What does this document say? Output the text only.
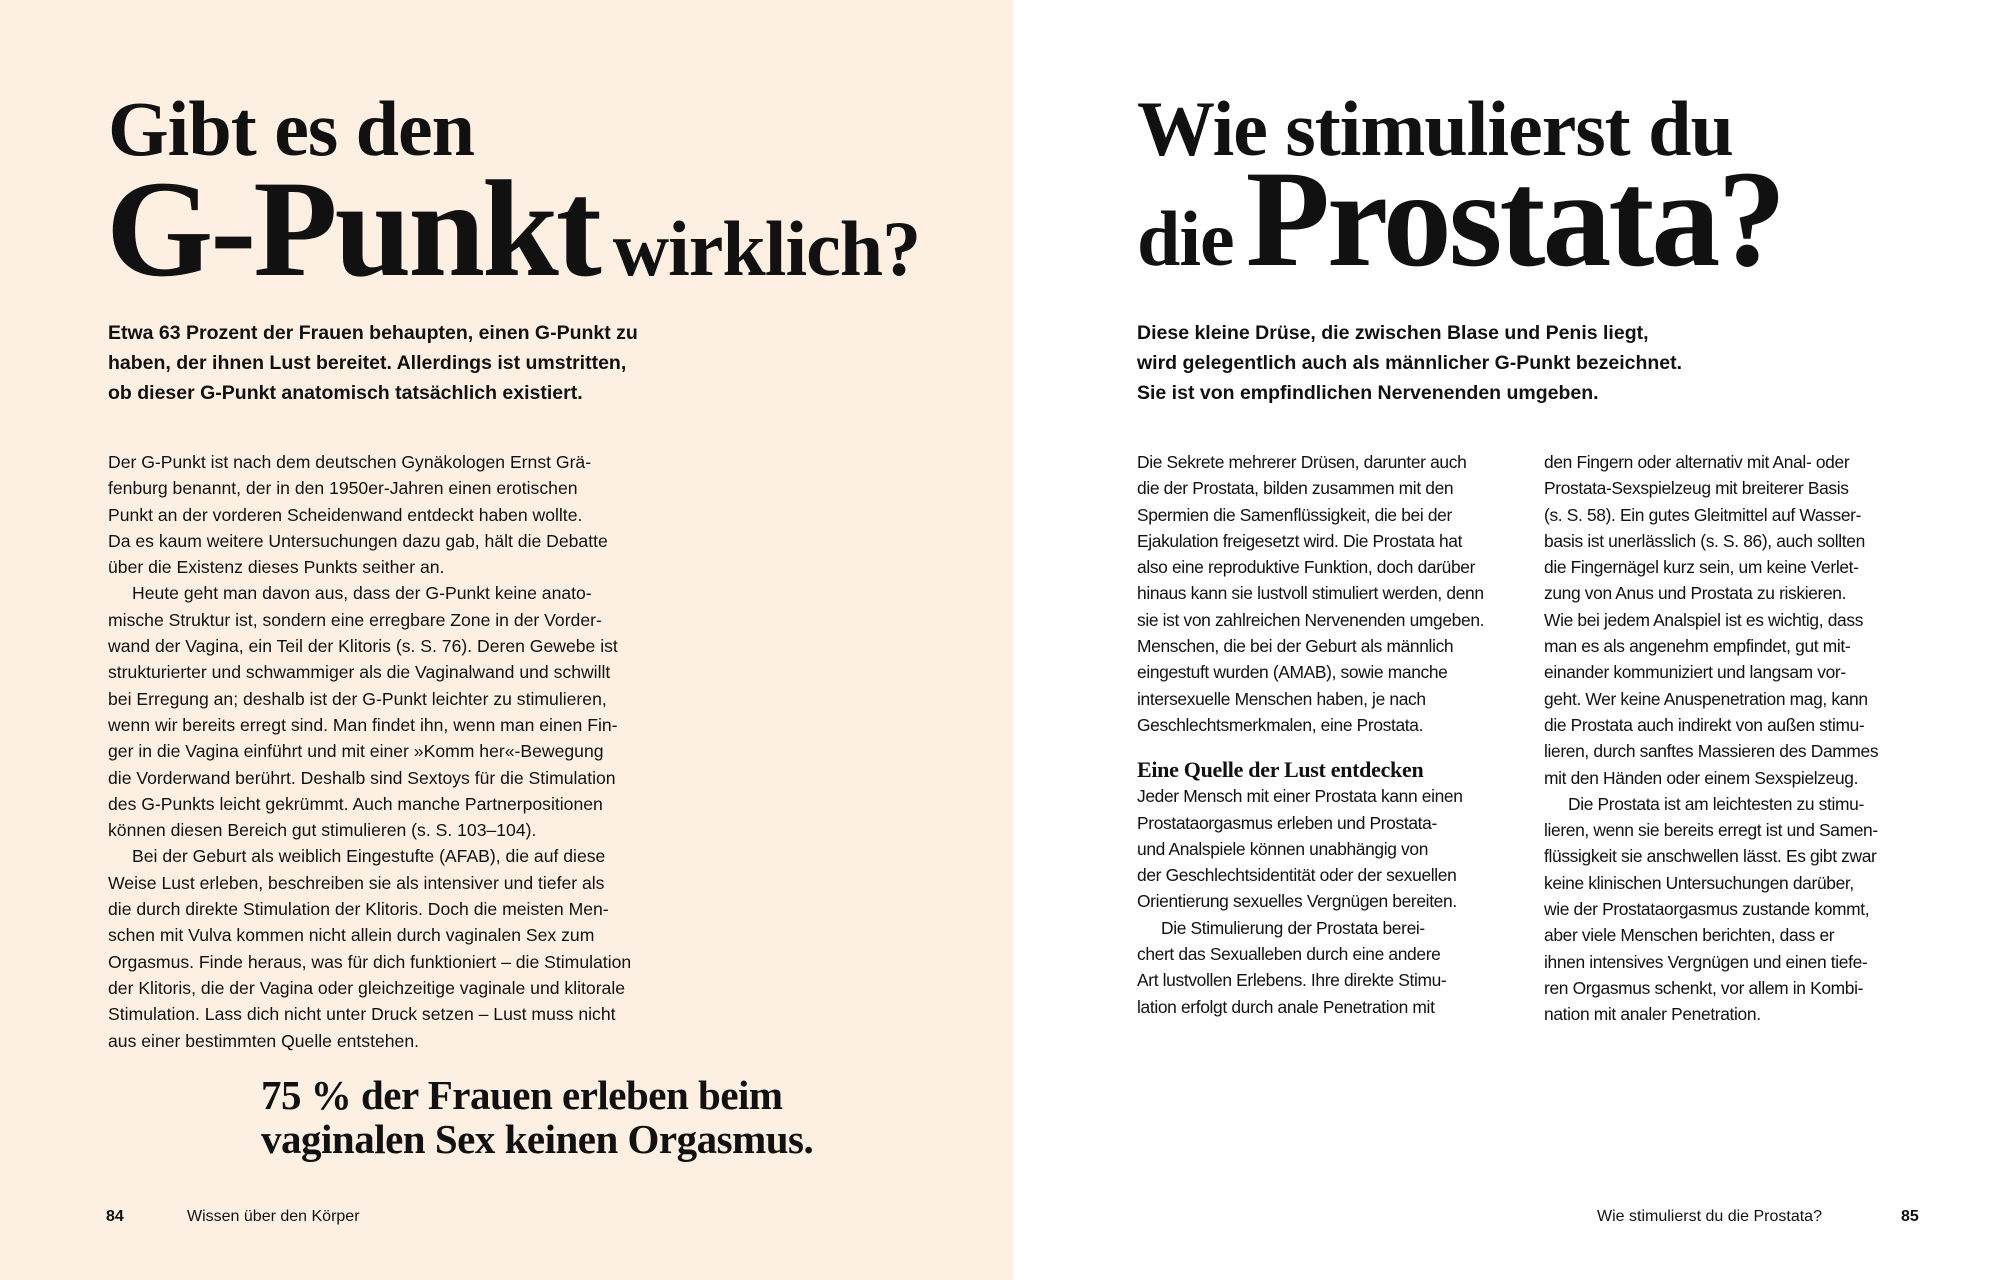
Gibt es den
G-Punkt wirklich?
Etwa 63 Prozent der Frauen behaupten, einen G-Punkt zu
haben, der ihnen Lust bereitet. Allerdings ist umstritten,
ob dieser G-Punkt anatomisch tatsächlich existiert.
Der G-Punkt ist nach dem deutschen Gynäkologen Ernst Grä-
fenburg benannt, der in den 1950er-Jahren einen erotischen
Punkt an der vorderen Scheidenwand entdeckt haben wollte.
Da es kaum weitere Untersuchungen dazu gab, hält die Debatte
über die Existenz dieses Punkts seither an.
Heute geht man davon aus, dass der G-Punkt keine anato-
mische Struktur ist, sondern eine erregbare Zone in der Vorder-
wand der Vagina, ein Teil der Klitoris (s. S. 76). Deren Gewebe ist
strukturierter und schwammiger als die Vaginalwand und schwillt
bei Erregung an; deshalb ist der G-Punkt leichter zu stimulieren,
wenn wir bereits erregt sind. Man findet ihn, wenn man einen Fin-
ger in die Vagina einführt und mit einer »Komm her«-Bewegung
die Vorderwand berührt. Deshalb sind Sextoys für die Stimulation
des G-Punkts leicht gekrümmt. Auch manche Partnerpositionen
können diesen Bereich gut stimulieren (s. S. 103–104).
Bei der Geburt als weiblich Eingestufte (AFAB), die auf diese
Weise Lust erleben, beschreiben sie als intensiver und tiefer als
die durch direkte Stimulation der Klitoris. Doch die meisten Men-
schen mit Vulva kommen nicht allein durch vaginalen Sex zum
Orgasmus. Finde heraus, was für dich funktioniert – die Stimulation
der Klitoris, die der Vagina oder gleichzeitige vaginale und klitorale
Stimulation. Lass dich nicht unter Druck setzen – Lust muss nicht
aus einer bestimmten Quelle entstehen.
75 % der Frauen erleben beim
vaginalen Sex keinen Orgasmus.
84	Wissen über den Körper
Wie stimulierst du
dieProstata?
Diese kleine Drüse, die zwischen Blase und Penis liegt,
wird gelegentlich auch als männlicher G-Punkt bezeichnet.
Sie ist von empfindlichen Nervenenden umgeben.
Die Sekrete mehrerer Drüsen, darunter auch
die der Prostata, bilden zusammen mit den
Spermien die Samenflüssigkeit, die bei der
Ejakulation freigesetzt wird. Die Prostata hat
also eine reproduktive Funktion, doch darüber
hinaus kann sie lustvoll stimuliert werden, denn
sie ist von zahlreichen Nervenenden umgeben.
Menschen, die bei der Geburt als männlich
eingestuft wurden (AMAB), sowie manche
intersexuelle Menschen haben, je nach
Geschlechtsmerkmalen, eine Prostata.
Eine Quelle der Lust entdecken
Jeder Mensch mit einer Prostata kann einen
Prostataorgasmus erleben und Prostata-
und Analspiele können unabhängig von
der Geschlechtsidentität oder der sexuellen
Orientierung sexuelles Vergnügen bereiten.
Die Stimulierung der Prostata berei-
chert das Sexualleben durch eine andere
Art lustvollen Erlebens. Ihre direkte Stimu-
lation erfolgt durch anale Penetration mit
den Fingern oder alternativ mit Anal- oder
Prostata-Sexspielzeug mit breiterer Basis
(s. S. 58). Ein gutes Gleitmittel auf Wasser-
basis ist unerlässlich (s. S. 86), auch sollten
die Fingernägel kurz sein, um keine Verlet-
zung von Anus und Prostata zu riskieren.
Wie bei jedem Analspiel ist es wichtig, dass
man es als angenehm empfindet, gut mit-
einander kommuniziert und langsam vor-
geht. Wer keine Anuspenetration mag, kann
die Prostata auch indirekt von außen stimu-
lieren, durch sanftes Massieren des Dammes
mit den Händen oder einem Sexspielzeug.
Die Prostata ist am leichtesten zu stimu-
lieren, wenn sie bereits erregt ist und Samen-
flüssigkeit sie anschwellen lässt. Es gibt zwar
keine klinischen Untersuchungen darüber,
wie der Prostataorgasmus zustande kommt,
aber viele Menschen berichten, dass er
ihnen intensives Vergnügen und einen tiefe-
ren Orgasmus schenkt, vor allem in Kombi-
nation mit analer Penetration.
Wie stimulierst du die Prostata?	85
